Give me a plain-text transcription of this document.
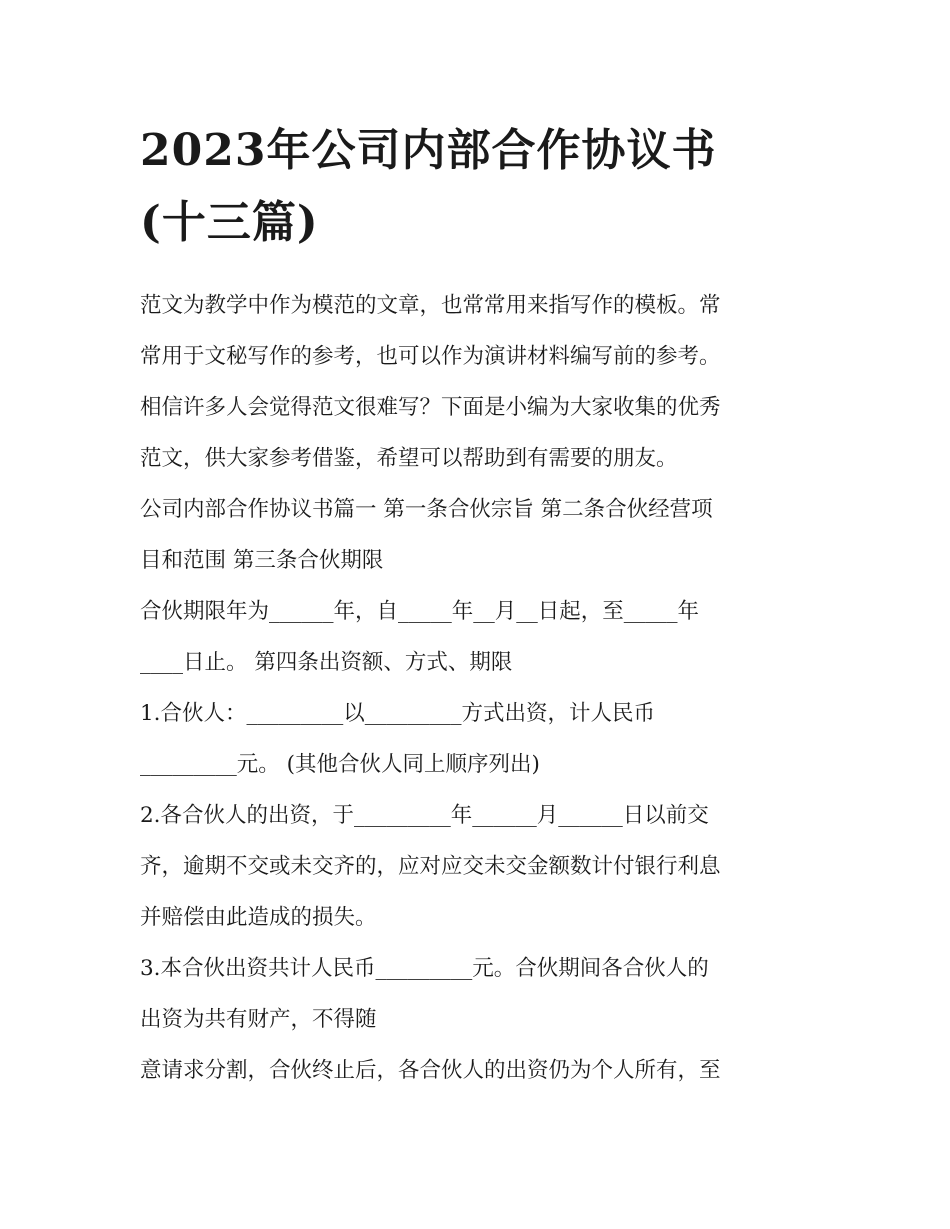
2023年公司内部合作协议书
(十三篇)

范文为教学中作为模范的文章，也常常用来指写作的模板。常

常用于文秘写作的参考，也可以作为演讲材料编写前的参考。

相信许多人会觉得范文很难写？下面是小编为大家收集的优秀

范文，供大家参考借鉴，希望可以帮助到有需要的朋友。

公司内部合作协议书篇一 第一条合伙宗旨 第二条合伙经营项

目和范围 第三条合伙期限

合伙期限年为______年，自_____年__月__日起，至_____年

____日止。 第四条出资额、方式、期限

1.合伙人：_________以_________方式出资，计人民币

_________元。 (其他合伙人同上顺序列出)

2.各合伙人的出资，于_________年______月______日以前交

齐，逾期不交或未交齐的，应对应交未交金额数计付银行利息

并赔偿由此造成的损失。

3.本合伙出资共计人民币_________元。合伙期间各合伙人的

出资为共有财产，不得随

意请求分割，合伙终止后，各合伙人的出资仍为个人所有，至
